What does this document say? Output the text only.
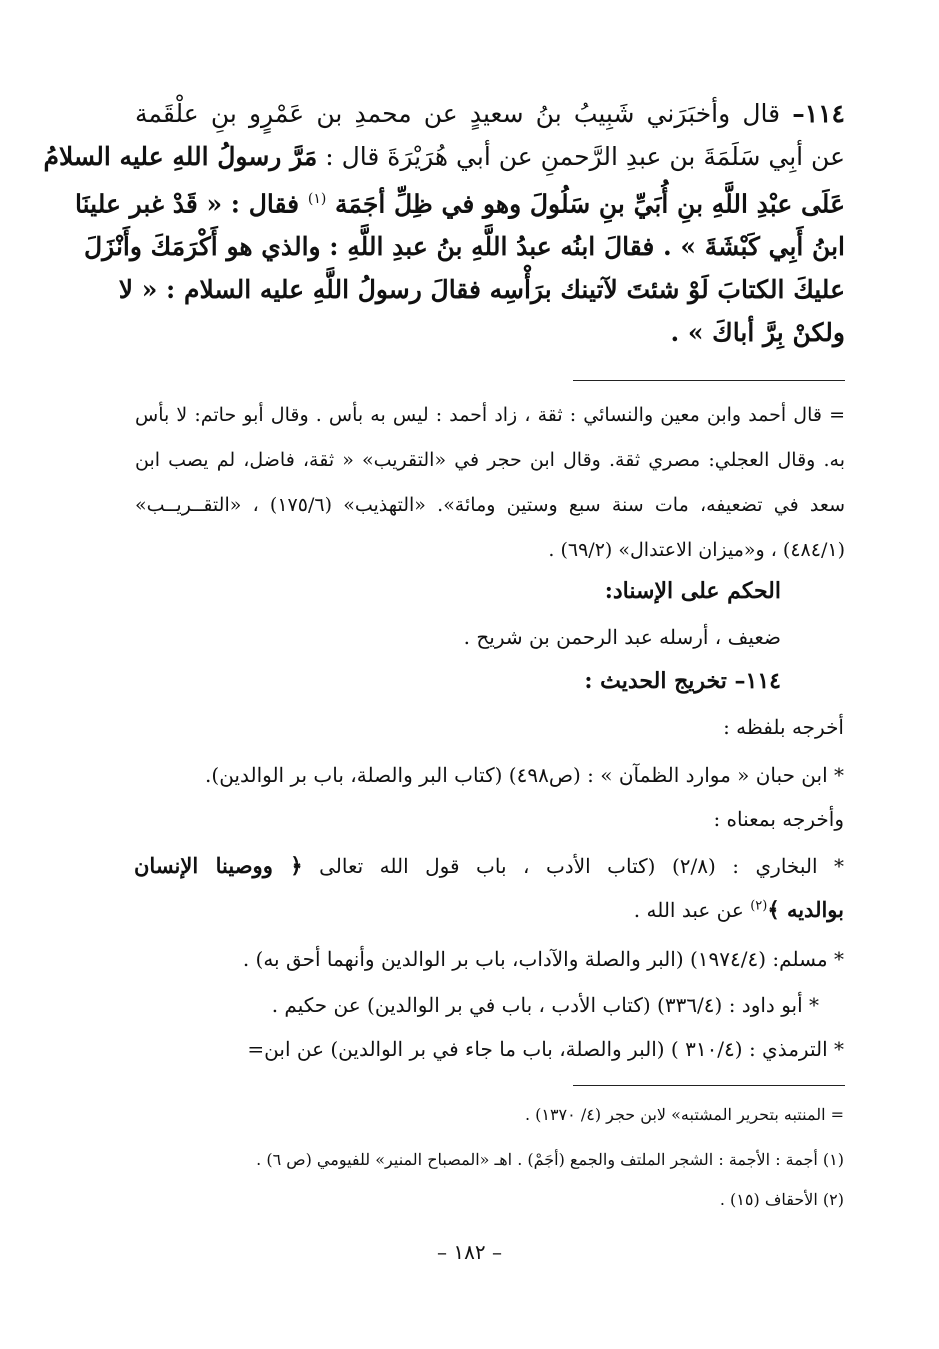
١١٤– قال وأخبَرَني شَبِيبُ بنُ سعيدٍ عن محمدِ بن عَمْرٍو بنِ علْقَمة
عن أبِي سَلَمَةَ بن عبدِ الرَّحمنِ عن أبي هُرَيْرَةَ قال : مَرَّ رسولُ اللهِ عليه السلامُ
عَلَى عبْدِ اللَّهِ بنِ أُبَيِّ بنِ سَلُولَ وهو في ظِلِّ أجَمَة $^{(١)}$ فقال : « قَدْ غبر علينَا
ابنُ أَبِي كَبْشَةَ » . فقالَ ابنُه عبدُ اللَّهِ بنُ عبدِ اللَّهِ : والذي هو أَكْرَمَكَ وأَنْزَلَ
عليكَ الكتابَ لَوْ شئتَ لآتينك برَأْسِه فقالَ رسولُ اللَّهِ عليه السلام : « لا
ولكنْ بِرَّ أباكَ » .
= قال أحمد وابن معين والنسائي : ثقة ، زاد أحمد : ليس به بأس . وقال أبو حاتم: لا بأس
به. وقال العجلي: مصري ثقة. وقال ابن حجر في «التقريب» « ثقة، فاضل، لم يصب ابن
سعد في تضعيفه، مات سنة سبع وستين ومائة». «التهذيب» (١٧٥/٦) ، «التقــريــب»
(٤٨٤/١) ، و«ميزان الاعتدال» (٦٩/٢) .
الحكم على الإسناد:
ضعيف ، أرسله عبد الرحمن بن شريح .
١١٤– تخريج الحديث :
أخرجه بلفظه :
* ابن حبان « موارد الظمآن » : (ص٤٩٨) (كتاب البر والصلة، باب بر الوالدين).
وأخرجه بمعناه :
* البخاري : (٢/٨) (كتاب الأدب ، باب قول الله تعالى ﴿ ووصينا الإنسان
بوالديه ﴾$^{(٢)}$ عن عبد الله .
* مسلم: (١٩٧٤/٤) (البر والصلة والآداب، باب بر الوالدين وأنهما أحق به) .
* أبو داود : (٣٣٦/٤) (كتاب الأدب ، باب في بر الوالدين) عن حكيم .
* الترمذي : (٣١٠/٤ ) (البر والصلة، باب ما جاء في بر الوالدين) عن ابن=
= المنتبه بتحرير المشتبه» لابن حجر (٤/ ١٣٧٠) .
(١) أجمة : الأجمة : الشجر الملتف والجمع (أجَمْ) . اهـ «المصباح المنير» للفيومي (ص ٦) .
(٢) الأحقاف (١٥) .
– ١٨٢ –
